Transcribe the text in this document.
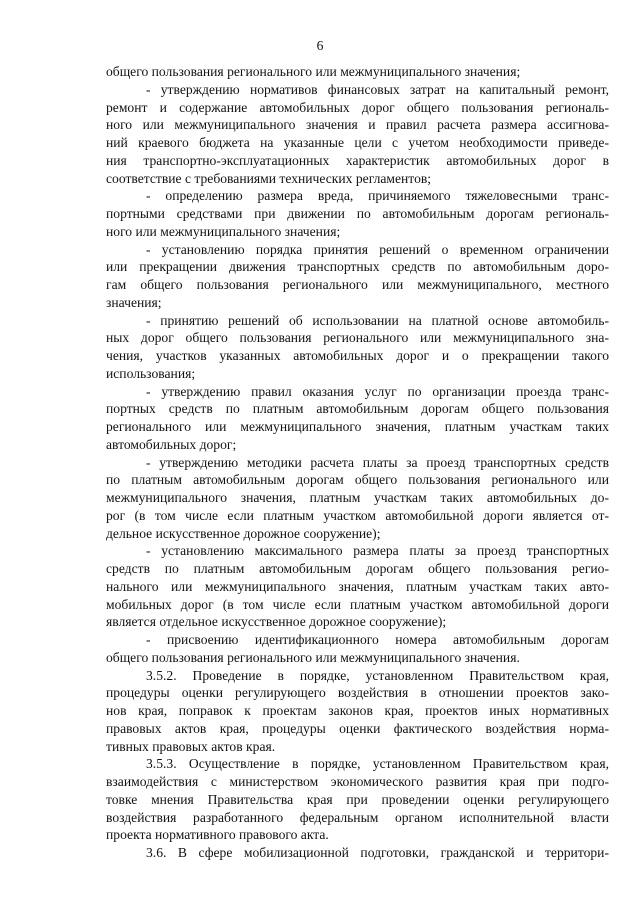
6
общего пользования регионального или межмуниципального значения;
- утверждению нормативов финансовых затрат на капитальный ремонт,
ремонт и содержание автомобильных дорог общего пользования региональ-
ного или межмуниципального значения и правил расчета размера ассигнова-
ний краевого бюджета на указанные цели с учетом необходимости приведе-
ния транспортно-эксплуатационных характеристик автомобильных дорог в
соответствие с требованиями технических регламентов;
- определению размера вреда, причиняемого тяжеловесными транс-
портными средствами при движении по автомобильным дорогам региональ-
ного или межмуниципального значения;
- установлению порядка принятия решений о временном ограничении
или прекращении движения транспортных средств по автомобильным доро-
гам общего пользования регионального или межмуниципального, местного
значения;
- принятию решений об использовании на платной основе автомобиль-
ных дорог общего пользования регионального или межмуниципального зна-
чения, участков указанных автомобильных дорог и о прекращении такого
использования;
- утверждению правил оказания услуг по организации проезда транс-
портных средств по платным автомобильным дорогам общего пользования
регионального или межмуниципального значения, платным участкам таких
автомобильных дорог;
- утверждению методики расчета платы за проезд транспортных средств
по платным автомобильным дорогам общего пользования регионального или
межмуниципального значения, платным участкам таких автомобильных до-
рог (в том числе если платным участком автомобильной дороги является от-
дельное искусственное дорожное сооружение);
- установлению максимального размера платы за проезд транспортных
средств по платным автомобильным дорогам общего пользования регио-
нального или межмуниципального значения, платным участкам таких авто-
мобильных дорог (в том числе если платным участком автомобильной дороги
является отдельное искусственное дорожное сооружение);
- присвоению идентификационного номера автомобильным дорогам
общего пользования регионального или межмуниципального значения.
3.5.2. Проведение в порядке, установленном Правительством края,
процедуры оценки регулирующего воздействия в отношении проектов зако-
нов края, поправок к проектам законов края, проектов иных нормативных
правовых актов края, процедуры оценки фактического воздействия норма-
тивных правовых актов края.
3.5.3. Осуществление в порядке, установленном Правительством края,
взаимодействия с министерством экономического развития края при подго-
товке мнения Правительства края при проведении оценки регулирующего
воздействия разработанного федеральным органом исполнительной власти
проекта нормативного правового акта.
3.6. В сфере мобилизационной подготовки, гражданской и территори-
